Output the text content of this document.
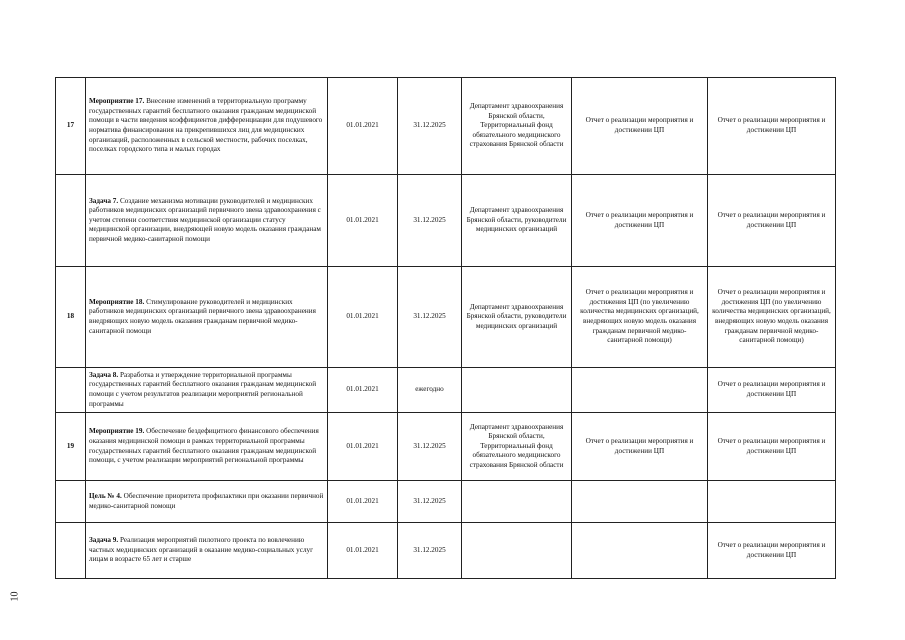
17	Мероприятие 17. Внесение изменений в территориальную программу государственных гарантий бесплатного оказания гражданам медицинской помощи в части введения коэффициентов дифференциации для подушевого норматива финансирования на прикрепившихся лиц для медицинских организаций, расположенных в сельской местности, рабочих поселках, поселках городского типа и малых городах	01.01.2021	31.12.2025	Департамент здравоохранения Брянской области, Территориальный фонд обязательного медицинского страхования Брянской области	Отчет о реализации мероприятия и достижении ЦП	Отчет о реализации мероприятия и достижении ЦП
	Задача 7. Создание механизма мотивации руководителей и медицинских работников медицинских организаций первичного звена здравоохранения с учетом степени соответствия медицинской организации статусу медицинской организации, внедряющей новую модель оказания гражданам первичной медико-санитарной помощи	01.01.2021	31.12.2025	Департамент здравоохранения Брянской области, руководители медицинских организаций	Отчет о реализации мероприятия и достижении ЦП	Отчет о реализации мероприятия и достижении ЦП
18	Мероприятие 18. Стимулирование руководителей и медицинских работников медицинских организаций первичного звена здравоохранения внедряющих новую модель оказания гражданам первичной медико-санитарной помощи	01.01.2021	31.12.2025	Департамент здравоохранения Брянской области, руководители медицинских организаций	Отчет о реализации мероприятия и достижения ЦП (по увеличению количества медицинских организаций, внедряющих новую модель оказания гражданам первичной медико-санитарной помощи)	Отчет о реализации мероприятия и достижения ЦП (по увеличению количества медицинских организаций, внедряющих новую модель оказания гражданам первичной медико-санитарной помощи)
	Задача 8. Разработка и утверждение территориальной программы государственных гарантий бесплатного оказания гражданам медицинской помощи с учетом результатов реализации мероприятий региональной программы	01.01.2021	ежегодно			Отчет о реализации мероприятия и достижении ЦП
19	Мероприятие 19. Обеспечение бездефицитного финансового обеспечения оказания медицинской помощи в рамках территориальной программы государственных гарантий бесплатного оказания гражданам медицинской помощи, с учетом реализации мероприятий региональной программы	01.01.2021	31.12.2025	Департамент здравоохранения Брянской области, Территориальный фонд обязательного медицинского страхования Брянской области	Отчет о реализации мероприятия и достижении ЦП	Отчет о реализации мероприятия и достижении ЦП
	Цель № 4. Обеспечение приоритета профилактики при оказании первичной медико-санитарной помощи	01.01.2021	31.12.2025			
	Задача 9. Реализация мероприятий пилотного проекта по вовлечению частных медицинских организаций в оказание медико-социальных услуг лицам в возрасте 65 лет и старше	01.01.2021	31.12.2025			Отчет о реализации мероприятия и достижении ЦП
10
